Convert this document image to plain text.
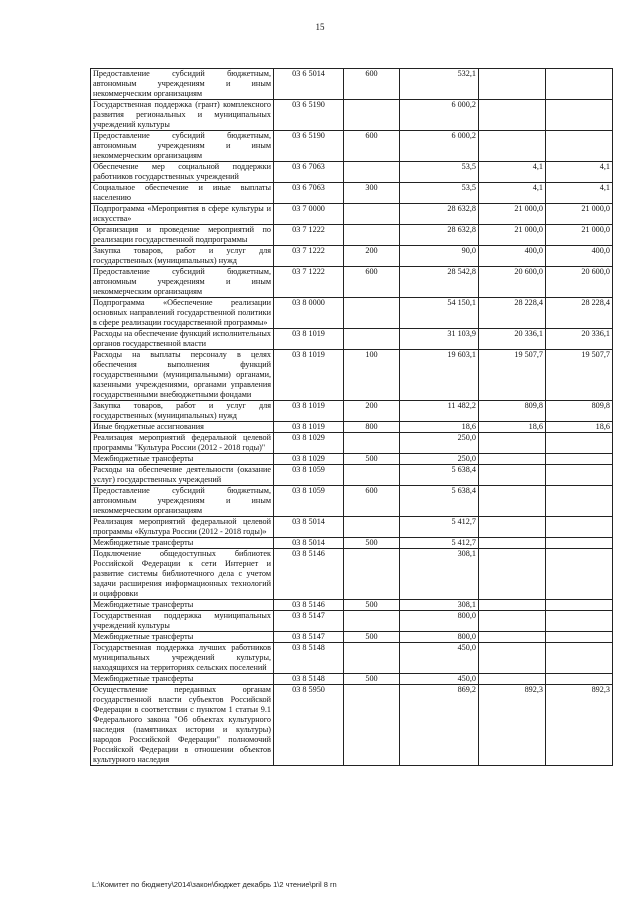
15
Предоставление субсидий бюджетным, автономным учреждениям и иным некоммерческим организациям	03 6 5014	600	532,1		
Государственная поддержка (грант) комплексного развития региональных и муниципальных учреждений культуры	03 6 5190		6 000,2		
Предоставление субсидий бюджетным, автономным учреждениям и иным некоммерческим организациям	03 6 5190	600	6 000,2		
Обеспечение мер социальной поддержки работников государственных учреждений	03 6 7063		53,5	4,1	4,1
Социальное обеспечение и иные выплаты населению	03 6 7063	300	53,5	4,1	4,1
Подпрограмма «Мероприятия в сфере культуры и искусства»	03 7 0000		28 632,8	21 000,0	21 000,0
Организация и проведение мероприятий по реализации государственной подпрограммы	03 7 1222		28 632,8	21 000,0	21 000,0
Закупка товаров, работ и услуг для государственных (муниципальных) нужд	03 7 1222	200	90,0	400,0	400,0
Предоставление субсидий бюджетным, автономным учреждениям и иным некоммерческим организациям	03 7 1222	600	28 542,8	20 600,0	20 600,0
Подпрограмма «Обеспечение реализации основных направлений государственной политики в сфере реализации государственной программы»	03 8 0000		54 150,1	28 228,4	28 228,4
Расходы на обеспечение функций исполнительных органов государственной власти	03 8 1019		31 103,9	20 336,1	20 336,1
Расходы на выплаты персоналу в целях обеспечения выполнения функций государственными (муниципальными) органами, казенными учреждениями, органами управления государственными внебюджетными фондами	03 8 1019	100	19 603,1	19 507,7	19 507,7
Закупка товаров, работ и услуг для государственных (муниципальных) нужд	03 8 1019	200	11 482,2	809,8	809,8
Иные бюджетные ассигнования	03 8 1019	800	18,6	18,6	18,6
Реализация мероприятий федеральной целевой программы "Культура России (2012 - 2018 годы)"	03 8 1029		250,0		
Межбюджетные трансферты	03 8 1029	500	250,0		
Расходы на обеспечение деятельности (оказание услуг) государственных учреждений	03 8 1059		5 638,4		
Предоставление субсидий бюджетным, автономным учреждениям и иным некоммерческим организациям	03 8 1059	600	5 638,4		
Реализация мероприятий федеральной целевой программы «Культура России (2012 - 2018 годы)»	03 8 5014		5 412,7		
Межбюджетные трансферты	03 8 5014	500	5 412,7		
Подключение общедоступных библиотек Российской Федерации к сети Интернет и развитие системы библиотечного дела с учетом задачи расширения информационных технологий и оцифровки	03 8 5146		308,1		
Межбюджетные трансферты	03 8 5146	500	308,1		
Государственная поддержка муниципальных учреждений культуры	03 8 5147		800,0		
Межбюджетные трансферты	03 8 5147	500	800,0		
Государственная поддержка лучших работников муниципальных учреждений культуры, находящихся на территориях сельских поселений	03 8 5148		450,0		
Межбюджетные трансферты	03 8 5148	500	450,0		
Осуществление переданных органам государственной власти субъектов Российской Федерации в соответствии с пунктом 1 статьи 9.1 Федерального закона "Об объектах культурного наследия (памятниках истории и культуры) народов Российской Федерации" полномочий Российской Федерации в отношении объектов культурного наследия	03 8 5950		869,2	892,3	892,3
L:\Комитет по бюджету\2014\закон\бюджет декабрь 1\2 чтение\pril 8 rn
